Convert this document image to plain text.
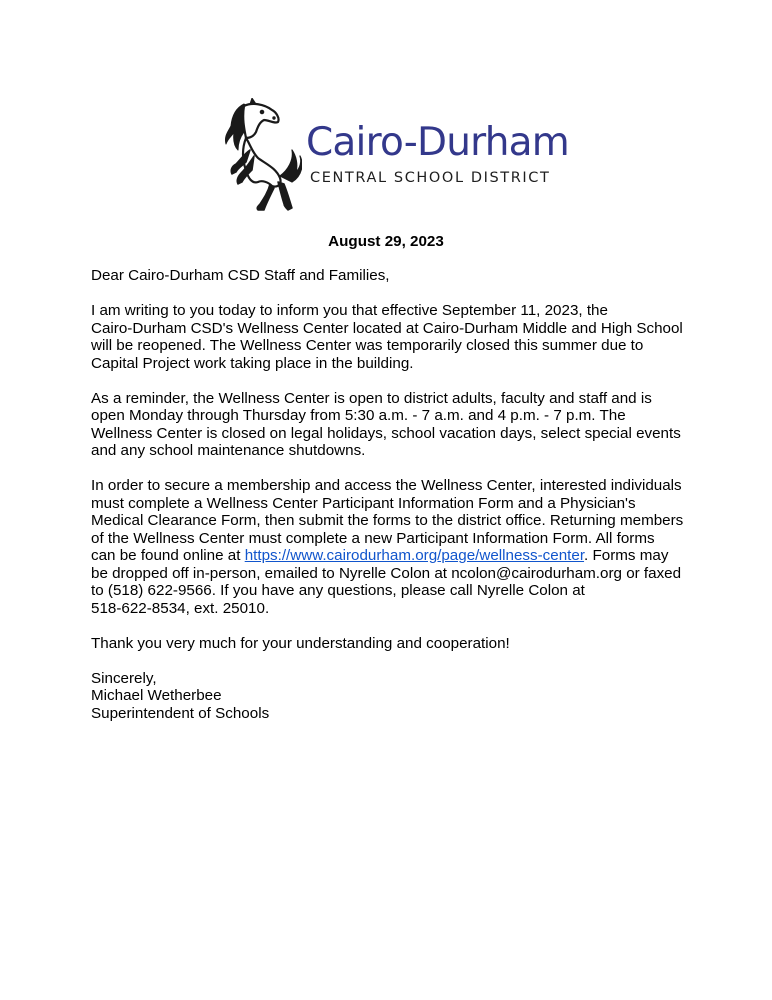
Cairo-Durham
CENTRAL SCHOOL DISTRICT
August 29, 2023

Dear Cairo-Durham CSD Staff and Families,

I am writing to you today to inform you that effective September 11, 2023, the
Cairo-Durham CSD's Wellness Center located at Cairo-Durham Middle and High School
will be reopened. The Wellness Center was temporarily closed this summer due to
Capital Project work taking place in the building.

As a reminder, the Wellness Center is open to district adults, faculty and staff and is
open Monday through Thursday from 5:30 a.m. - 7 a.m. and 4 p.m. - 7 p.m. The
Wellness Center is closed on legal holidays, school vacation days, select special events
and any school maintenance shutdowns.

In order to secure a membership and access the Wellness Center, interested individuals
must complete a Wellness Center Participant Information Form and a Physician's
Medical Clearance Form, then submit the forms to the district office. Returning members
of the Wellness Center must complete a new Participant Information Form. All forms
can be found online at https://www.cairodurham.org/page/wellness-center. Forms may
be dropped off in-person, emailed to Nyrelle Colon at ncolon@cairodurham.org or faxed
to (518) 622-9566. If you have any questions, please call Nyrelle Colon at
518-622-8534, ext. 25010.

Thank you very much for your understanding and cooperation!

Sincerely,
Michael Wetherbee
Superintendent of Schools
